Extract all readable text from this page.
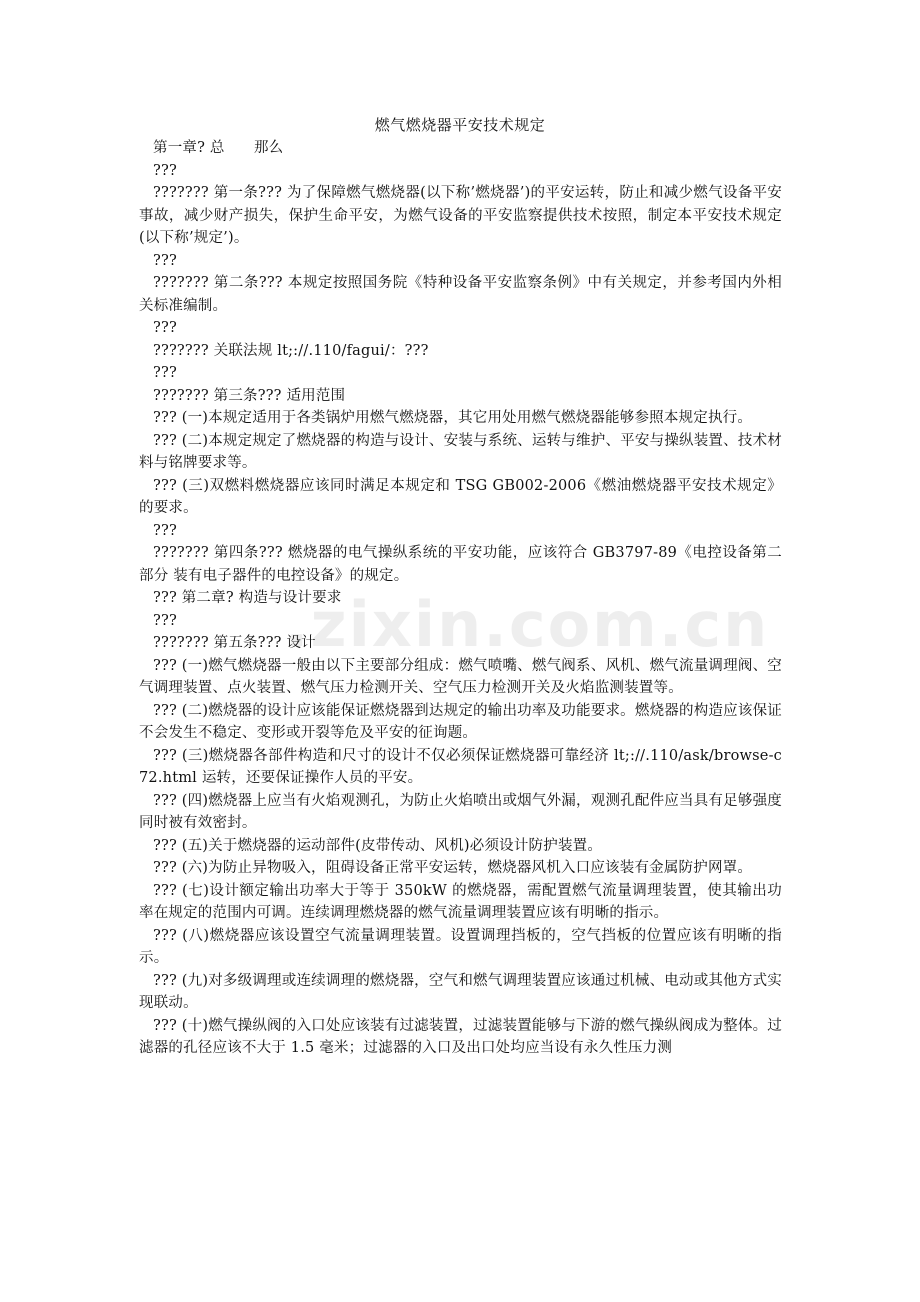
.zixin.com.cn
燃气燃烧器平安技术规定

第一章? 总　　那么

???

??????? 第一条??? 为了保障燃气燃烧器(以下称’燃烧器’)的平安运转，防止和减少燃气设备平安事故，减少财产损失，保护生命平安，为燃气设备的平安监察提供技术按照，制定本平安技术规定(以下称’规定’)。

???

??????? 第二条??? 本规定按照国务院《特种设备平安监察条例》中有关规定，并参考国内外相关标准编制。

???

??????? 关联法规 lt;://.110/fagui/：???

???

??????? 第三条??? 适用范围

??? (一)本规定适用于各类锅炉用燃气燃烧器，其它用处用燃气燃烧器能够参照本规定执行。

??? (二)本规定规定了燃烧器的构造与设计、安装与系统、运转与维护、平安与操纵装置、技术材料与铭牌要求等。

??? (三)双燃料燃烧器应该同时满足本规定和 TSG GB002-2006《燃油燃烧器平安技术规定》的要求。

???

??????? 第四条??? 燃烧器的电气操纵系统的平安功能，应该符合 GB3797-89《电控设备第二部分 装有电子器件的电控设备》的规定。

??? 第二章? 构造与设计要求

???

??????? 第五条??? 设计

??? (一)燃气燃烧器一般由以下主要部分组成：燃气喷嘴、燃气阀系、风机、燃气流量调理阀、空气调理装置、点火装置、燃气压力检测开关、空气压力检测开关及火焰监测装置等。

??? (二)燃烧器的设计应该能保证燃烧器到达规定的输出功率及功能要求。燃烧器的构造应该保证不会发生不稳定、变形或开裂等危及平安的征询题。

??? (三)燃烧器各部件构造和尺寸的设计不仅必须保证燃烧器可靠经济 lt;://.110/ask/browse-c72.html 运转，还要保证操作人员的平安。

??? (四)燃烧器上应当有火焰观测孔，为防止火焰喷出或烟气外漏，观测孔配件应当具有足够强度同时被有效密封。

??? (五)关于燃烧器的运动部件(皮带传动、风机)必须设计防护装置。

??? (六)为防止异物吸入，阻碍设备正常平安运转，燃烧器风机入口应该装有金属防护网罩。

??? (七)设计额定输出功率大于等于 350kW 的燃烧器，需配置燃气流量调理装置，使其输出功率在规定的范围内可调。连续调理燃烧器的燃气流量调理装置应该有明晰的指示。

??? (八)燃烧器应该设置空气流量调理装置。设置调理挡板的，空气挡板的位置应该有明晰的指示。

??? (九)对多级调理或连续调理的燃烧器，空气和燃气调理装置应该通过机械、电动或其他方式实现联动。

??? (十)燃气操纵阀的入口处应该装有过滤装置，过滤装置能够与下游的燃气操纵阀成为整体。过滤器的孔径应该不大于 1.5 毫米；过滤器的入口及出口处均应当设有永久性压力测
